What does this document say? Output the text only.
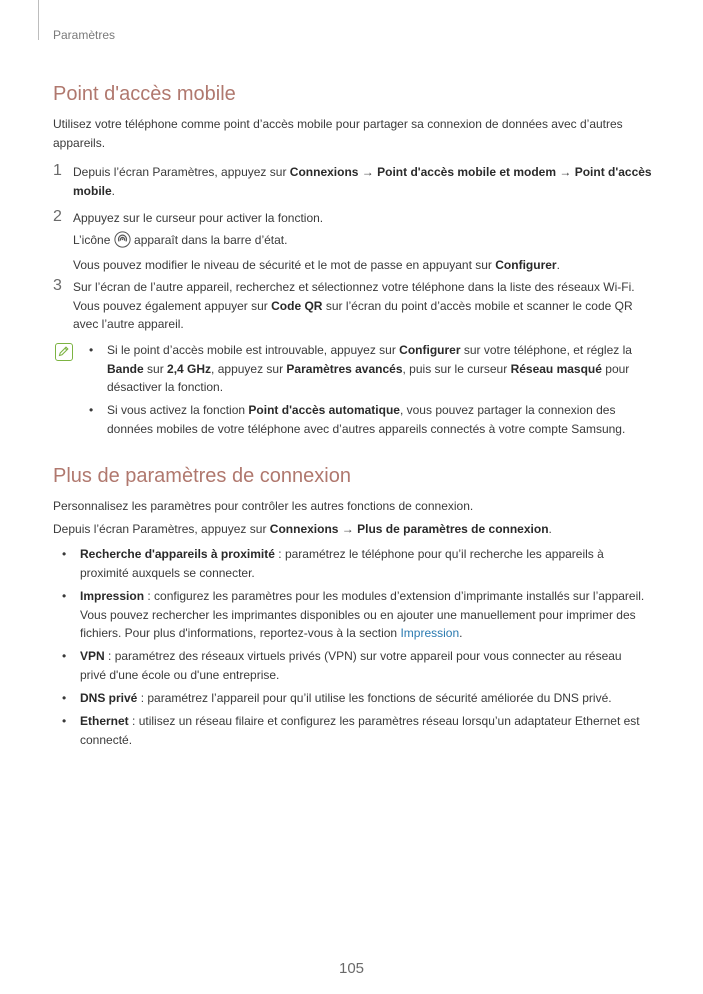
Paramètres
Point d'accès mobile
Utilisez votre téléphone comme point d’accès mobile pour partager sa connexion de données avec d’autres appareils.
1 Depuis l’écran Paramètres, appuyez sur Connexions → Point d'accès mobile et modem → Point d'accès mobile.
2 Appuyez sur le curseur pour activer la fonction.
L’icône  apparaît dans la barre d’état.
Vous pouvez modifier le niveau de sécurité et le mot de passe en appuyant sur Configurer.
3 Sur l’écran de l’autre appareil, recherchez et sélectionnez votre téléphone dans la liste des réseaux Wi-Fi. Vous pouvez également appuyer sur Code QR sur l’écran du point d’accès mobile et scanner le code QR avec l’autre appareil.
• Si le point d’accès mobile est introuvable, appuyez sur Configurer sur votre téléphone, et réglez la Bande sur 2,4 GHz, appuyez sur Paramètres avancés, puis sur le curseur Réseau masqué pour désactiver la fonction.
• Si vous activez la fonction Point d'accès automatique, vous pouvez partager la connexion des données mobiles de votre téléphone avec d’autres appareils connectés à votre compte Samsung.
Plus de paramètres de connexion
Personnalisez les paramètres pour contrôler les autres fonctions de connexion.
Depuis l’écran Paramètres, appuyez sur Connexions → Plus de paramètres de connexion.
• Recherche d'appareils à proximité : paramétrez le téléphone pour qu’il recherche les appareils à proximité auxquels se connecter.
• Impression : configurez les paramètres pour les modules d’extension d’imprimante installés sur l’appareil. Vous pouvez rechercher les imprimantes disponibles ou en ajouter une manuellement pour imprimer des fichiers. Pour plus d'informations, reportez-vous à la section Impression.
• VPN : paramétrez des réseaux virtuels privés (VPN) sur votre appareil pour vous connecter au réseau privé d'une école ou d'une entreprise.
• DNS privé : paramétrez l’appareil pour qu’il utilise les fonctions de sécurité améliorée du DNS privé.
• Ethernet : utilisez un réseau filaire et configurez les paramètres réseau lorsqu’un adaptateur Ethernet est connecté.
105
